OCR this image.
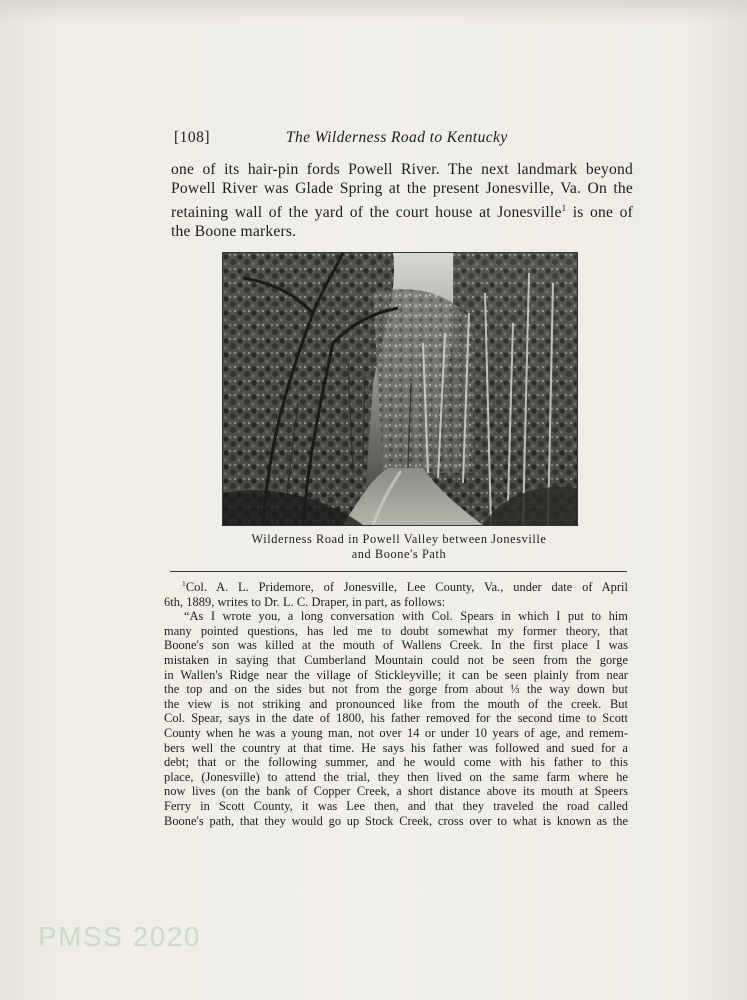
[108]	The Wilderness Road to Kentucky
one of its hair-pin fords Powell River. The next landmark beyond
Powell River was Glade Spring at the present Jonesville, Va. On the
retaining wall of the yard of the court house at Jonesville$^1$ is one of
the Boone markers.
Wilderness Road in Powell Valley between Jonesville
and Boone's Path
$^1$Col. A. L. Pridemore, of Jonesville, Lee County, Va., under date of April
6th, 1889, writes to Dr. L. C. Draper, in part, as follows:
“As I wrote you, a long conversation with Col. Spears in which I put to him
many pointed questions, has led me to doubt somewhat my former theory, that
Boone's son was killed at the mouth of Wallens Creek. In the first place I was
mistaken in saying that Cumberland Mountain could not be seen from the gorge
in Wallen's Ridge near the village of Stickleyville; it can be seen plainly from near
the top and on the sides but not from the gorge from about ⅓ the way down but
the view is not striking and pronounced like from the mouth of the creek. But
Col. Spear, says in the date of 1800, his father removed for the second time to Scott
County when he was a young man, not over 14 or under 10 years of age, and remem-
bers well the country at that time. He says his father was followed and sued for a
debt; that or the following summer, and he would come with his father to this
place, (Jonesville) to attend the trial, they then lived on the same farm where he
now lives (on the bank of Copper Creek, a short distance above its mouth at Speers
Ferry in Scott County, it was Lee then, and that they traveled the road called
Boone's path, that they would go up Stock Creek, cross over to what is known as the
PMSS 2020
